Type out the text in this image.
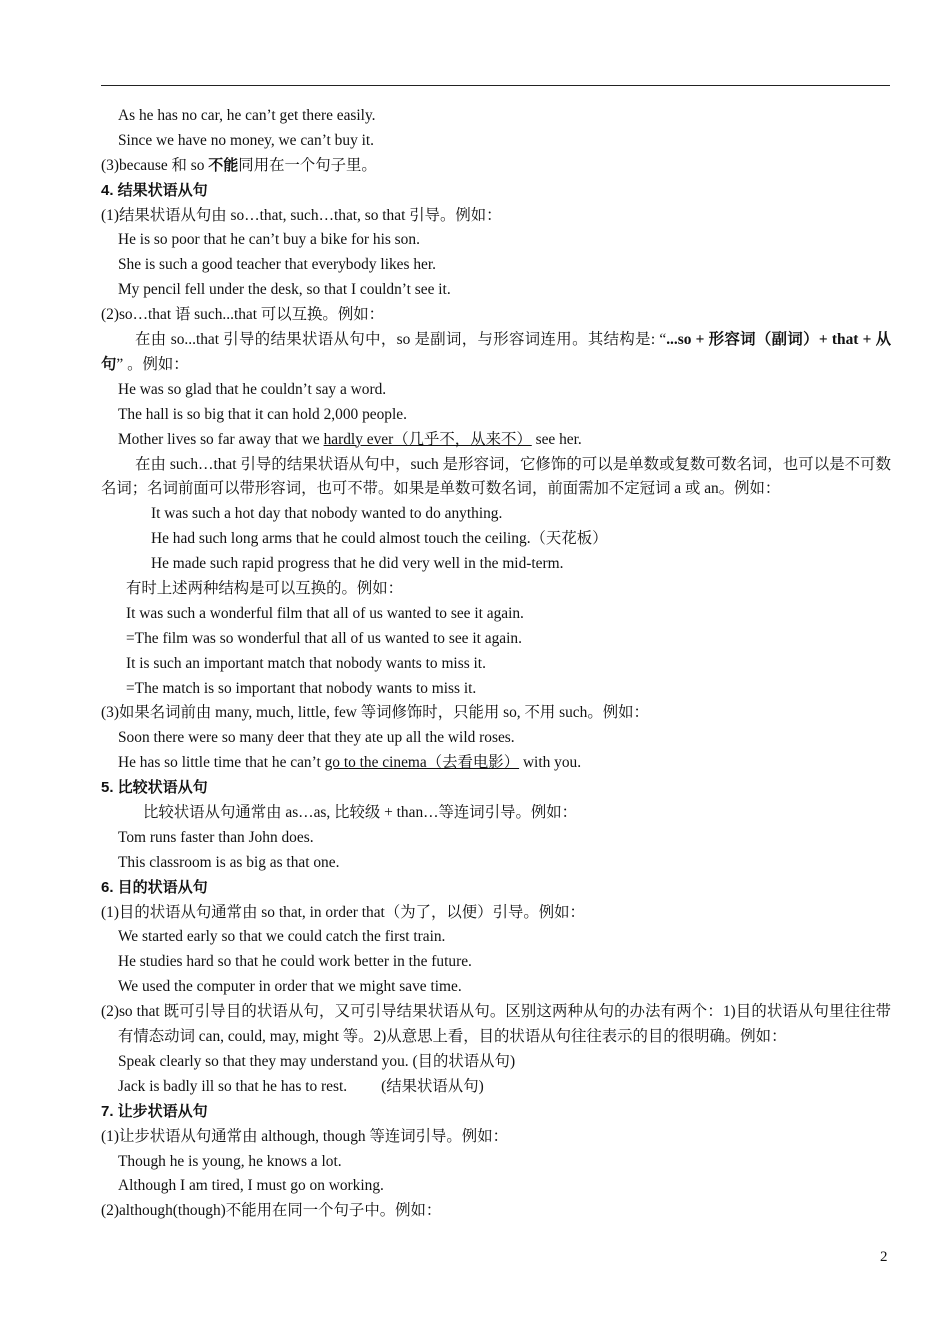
As he has no car, he can’t get there easily.
Since we have no money, we can’t buy it.
(3)because 和 so 不能同用在一个句子里。
4. 结果状语从句
(1)结果状语从句由 so…that, such…that, so that 引导。例如：
He is so poor that he can’t buy a bike for his son.
She is such a good teacher that everybody likes her.
My pencil fell under the desk, so that I couldn’t see it.
(2)so…that 语 such...that 可以互换。例如：
在由 so...that 引导的结果状语从句中，so 是副词，与形容词连用。其结构是: “...so + 形容词（副词）+ that + 从句” 。例如：
He was so glad that he couldn’t say a word.
The hall is so big that it can hold 2,000 people.
Mother lives so far away that we hardly ever（几乎不，从来不） see her.
在由 such…that 引导的结果状语从句中，such 是形容词，它修饰的可以是单数或复数可数名词，也可以是不可数名词；名词前面可以带形容词，也可不带。如果是单数可数名词，前面需加不定冠词 a 或 an。例如：
It was such a hot day that nobody wanted to do anything.
He had such long arms that he could almost touch the ceiling.（天花板）
He made such rapid progress that he did very well in the mid-term.
有时上述两种结构是可以互换的。例如：
It was such a wonderful film that all of us wanted to see it again.
=The film was so wonderful that all of us wanted to see it again.
It is such an important match that nobody wants to miss it.
=The match is so important that nobody wants to miss it.
(3)如果名词前由 many, much, little, few 等词修饰时，只能用 so, 不用 such。例如：
Soon there were so many deer that they ate up all the wild roses.
He has so little time that he can’t go to the cinema（去看电影） with you.
5. 比较状语从句
比较状语从句通常由 as…as, 比较级 + than…等连词引导。例如：
Tom runs faster than John does.
This classroom is as big as that one.
6. 目的状语从句
(1)目的状语从句通常由 so that, in order that（为了，以便）引导。例如：
We started early so that we could catch the first train.
He studies hard so that he could work better in the future.
We used the computer in order that we might save time.
(2)so that 既可引导目的状语从句，又可引导结果状语从句。区别这两种从句的办法有两个：1)目的状语从句里往往带有情态动词 can, could, may, might 等。2)从意思上看，目的状语从句往往表示的目的很明确。例如：
Speak clearly so that they may understand you. (目的状语从句)
Jack is badly ill so that he has to rest. (结果状语从句)
7. 让步状语从句
(1)让步状语从句通常由 although, though 等连词引导。例如：
Though he is young, he knows a lot.
Although I am tired, I must go on working.
(2)although(though)不能用在同一个句子中。例如：
2
